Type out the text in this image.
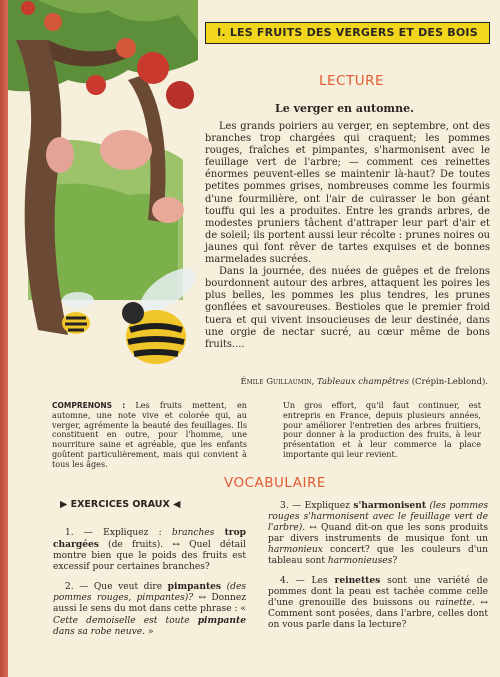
I. LES FRUITS DES VERGERS ET DES BOIS
LECTURE
Le verger en automne.

Les grands poiriers au verger, en septembre, ont des branches trop chargées qui craquent; les pommes rouges, fraîches et pimpantes, s'harmonisent avec le feuillage vert de l'arbre; — comment ces reinettes énormes peuvent-elles se maintenir là-haut? De toutes petites pommes grises, nombreuses comme les fourmis d'une fourmilière, ont l'air de cuirasser le bon géant touffu qui les a produites. Entre les grands arbres, de modestes pruniers tâchent d'attraper leur part d'air et de soleil; ils portent aussi leur récolte : prunes noires ou jaunes qui font rêver de tartes exquises et de bonnes marmelades sucrées.

Dans la journée, des nuées de guêpes et de frelons bourdonnent autour des arbres, attaquent les poires les plus belles, les pommes les plus tendres, les prunes gonflées et savoureuses. Bestioles que le premier froid tuera et qui vivent insoucieuses de leur destinée, dans une orgie de nectar sucré, au cœur même de bons fruits....

Émile Guillaumin, Tableaux champêtres (Crépin-Leblond).
COMPRENONS : Les fruits mettent, en automne, une note vive et colorée qui, au verger, agrémente la beauté des feuillages. Ils constituent en outre, pour l'homme, une nourriture saine et agréable, que les enfants goûtent particulièrement, mais qui convient à tous les âges.
Un gros effort, qu'il faut continuer, est entrepris en France, depuis plusieurs années, pour améliorer l'entretien des arbres fruitiers, pour donner à la production des fruits, à leur présentation et à leur commerce la place importante qui leur revient.
VOCABULAIRE
▶ EXERCICES ORAUX ◀

1. — Expliquez : branches trop chargées (de fruits). ↔ Quel détail montre bien que le poids des fruits est excessif pour certaines branches?

2. — Que veut dire pimpantes (des pommes rouges, pimpantes)? ↔ Donnez aussi le sens du mot dans cette phrase : « Cette demoiselle est toute pimpante dans sa robe neuve. »

3. — Expliquez s'harmonisent (les pommes rouges s'harmonisent avec le feuillage vert de l'arbre). ↔ Quand dit-on que les sons produits par divers instruments de musique font un harmonieux concert? que les couleurs d'un tableau sont harmonieuses?

4. — Les reinettes sont une variété de pommes dont la peau est tachée comme celle d'une grenouille des buissons ou rainette. ↔ Comment sont posées, dans l'arbre, celles dont on vous parle dans la lecture?
